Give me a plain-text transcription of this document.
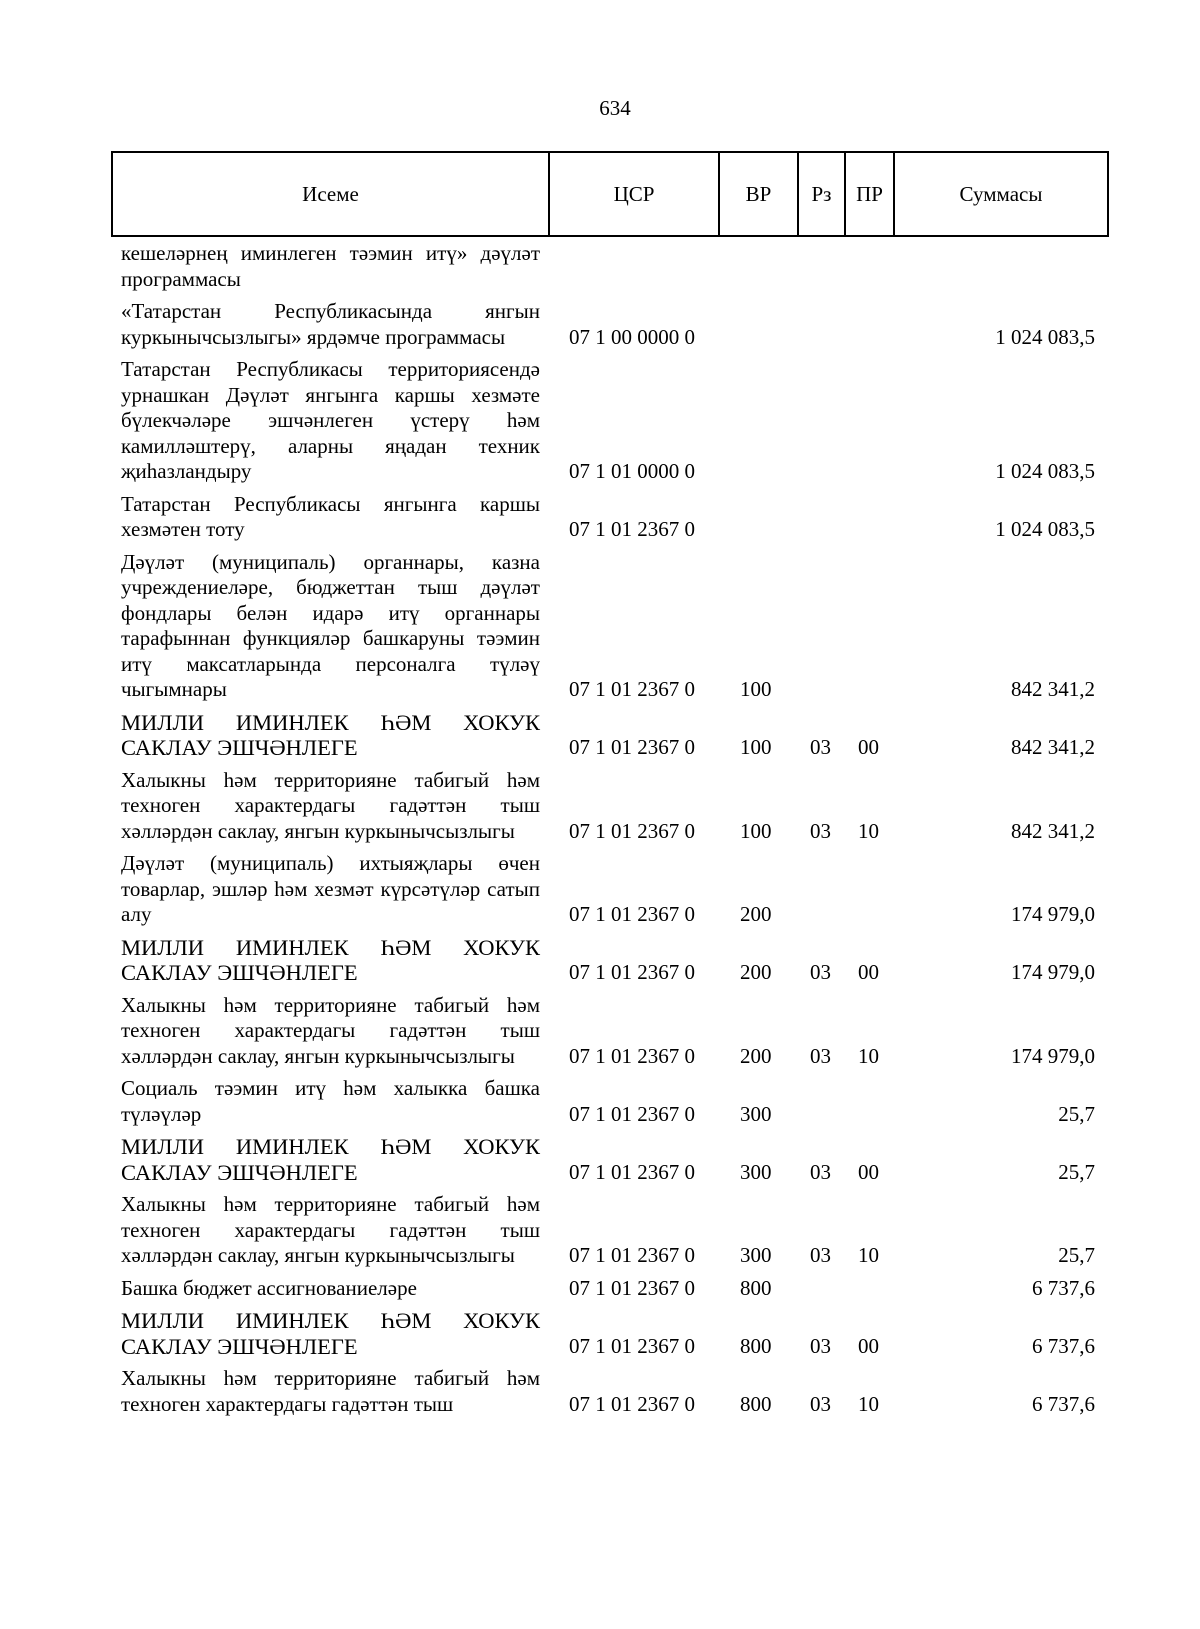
634
Исеме	ЦСР	ВР	Рз	ПР	Суммасы
кешеләрнең иминлеген тәэмин итү» дәүләт программасы					
«Татарстан Республикасында янгын куркынычсызлыгы» ярдәмче программасы	07 1 00 0000 0				1 024 083,5
Татарстан Республикасы территориясендә урнашкан Дәүләт янгынга каршы хезмәте бүлекчәләре эшчәнлеген үстерү һәм камилләштерү, аларны яңадан техник җиһазландыру	07 1 01 0000 0				1 024 083,5
Татарстан Республикасы янгынга каршы хезмәтен тоту	07 1 01 2367 0				1 024 083,5
Дәүләт (муниципаль) органнары, казна учреждениеләре, бюджеттан тыш дәүләт фондлары белән идарә итү органнары тарафыннан функцияләр башкаруны тәэмин итү максатларында персоналга түләү чыгымнары	07 1 01 2367 0	100			842 341,2
МИЛЛИ ИМИНЛЕК ҺӘМ ХОКУК САКЛАУ ЭШЧӘНЛЕГЕ	07 1 01 2367 0	100	03	00	842 341,2
Халыкны һәм территорияне табигый һәм техноген характердагы гадәттән тыш хәлләрдән саклау, янгын куркынычсызлыгы	07 1 01 2367 0	100	03	10	842 341,2
Дәүләт (муниципаль) ихтыяҗлары өчен товарлар, эшләр һәм хезмәт күрсәтүләр сатып алу	07 1 01 2367 0	200			174 979,0
МИЛЛИ ИМИНЛЕК ҺӘМ ХОКУК САКЛАУ ЭШЧӘНЛЕГЕ	07 1 01 2367 0	200	03	00	174 979,0
Халыкны һәм территорияне табигый һәм техноген характердагы гадәттән тыш хәлләрдән саклау, янгын куркынычсызлыгы	07 1 01 2367 0	200	03	10	174 979,0
Социаль тәэмин итү һәм халыкка башка түләүләр	07 1 01 2367 0	300			25,7
МИЛЛИ ИМИНЛЕК ҺӘМ ХОКУК САКЛАУ ЭШЧӘНЛЕГЕ	07 1 01 2367 0	300	03	00	25,7
Халыкны һәм территорияне табигый һәм техноген характердагы гадәттән тыш хәлләрдән саклау, янгын куркынычсызлыгы	07 1 01 2367 0	300	03	10	25,7
Башка бюджет ассигнованиеләре	07 1 01 2367 0	800			6 737,6
МИЛЛИ ИМИНЛЕК ҺӘМ ХОКУК САКЛАУ ЭШЧӘНЛЕГЕ	07 1 01 2367 0	800	03	00	6 737,6
Халыкны һәм территорияне табигый һәм техноген характердагы гадәттән тыш	07 1 01 2367 0	800	03	10	6 737,6
